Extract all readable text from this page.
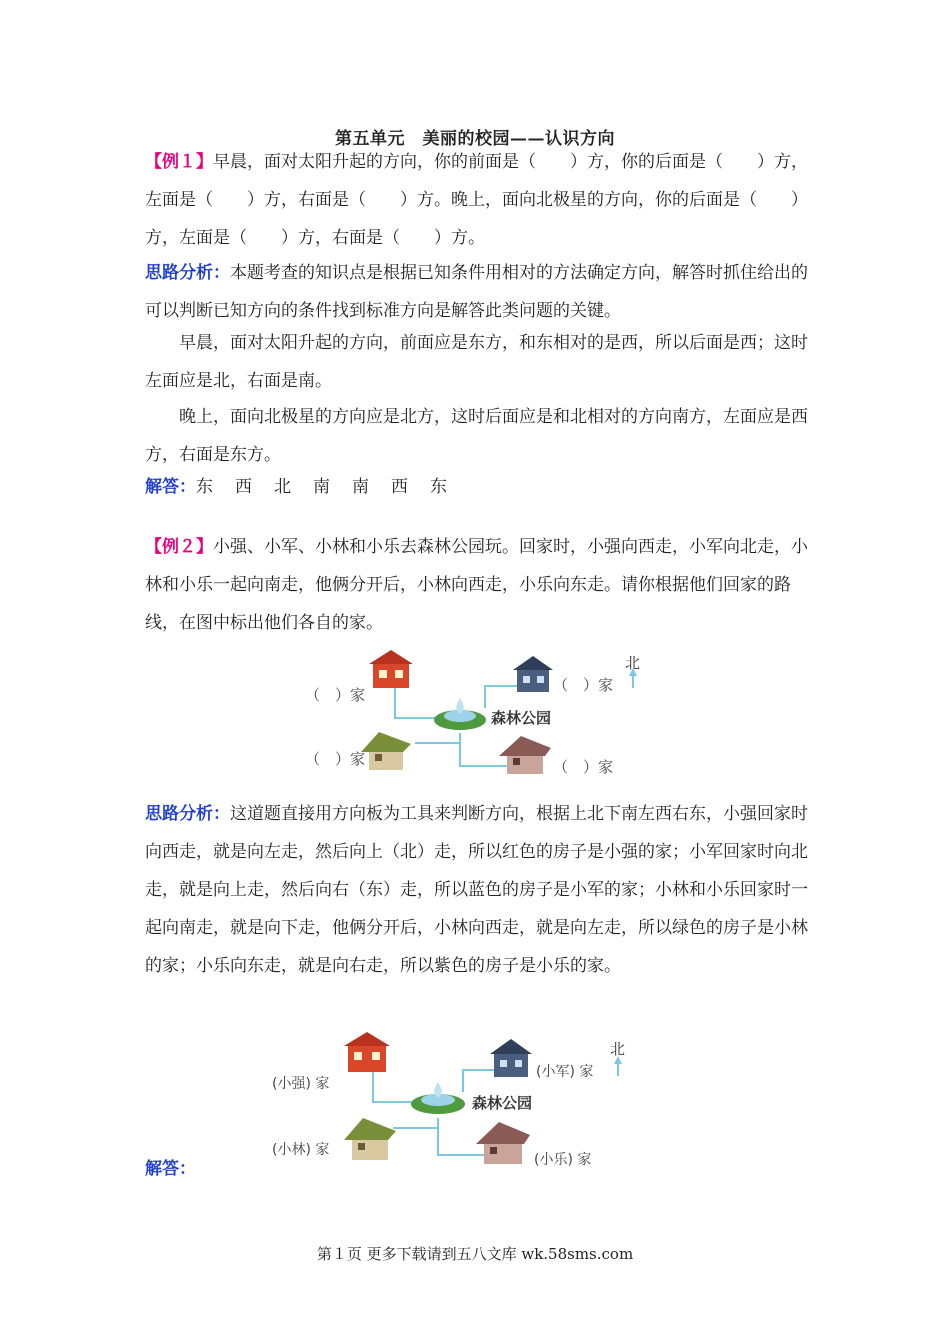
第五单元　美丽的校园——认识方向

【例１】早晨，面对太阳升起的方向，你的前面是（　　）方，你的后面是（　　）方，左面是（　　）方，右面是（　　）方。晚上，面向北极星的方向，你的后面是（　　）方，左面是（　　）方，右面是（　　）方。

思路分析：本题考查的知识点是根据已知条件用相对的方法确定方向，解答时抓住给出的可以判断已知方向的条件找到标准方向是解答此类问题的关键。

早晨，面对太阳升起的方向，前面应是东方，和东相对的是西，所以后面是西；这时左面应是北，右面是南。

晚上，面向北极星的方向应是北方，这时后面应是和北相对的方向南方，左面应是西方，右面是东方。

解答：东 西 北 南 南 西 东

【例２】小强、小军、小林和小乐去森林公园玩。回家时，小强向西走，小军向北走，小林和小乐一起向南走，他俩分开后，小林向西走，小乐向东走。请你根据他们回家的路线，在图中标出他们各自的家。

北
森林公园
（　）家
（　）家
（　）家	（　）家

思路分析：这道题直接用方向板为工具来判断方向，根据上北下南左西右东，小强回家时向西走，就是向左走，然后向上（北）走，所以红色的房子是小强的家；小军回家时向北走，就是向上走，然后向右（东）走，所以蓝色的房子是小军的家；小林和小乐回家时一起向南走，就是向下走，他俩分开后，小林向西走，就是向左走，所以绿色的房子是小林的家；小乐向东走，就是向右走，所以紫色的房子是小乐的家。

解答：

北
森林公园
(小强) 家
(小军) 家
(小林) 家
(小乐) 家
第１页 更多下载请到五八文库 wk.58sms.com
